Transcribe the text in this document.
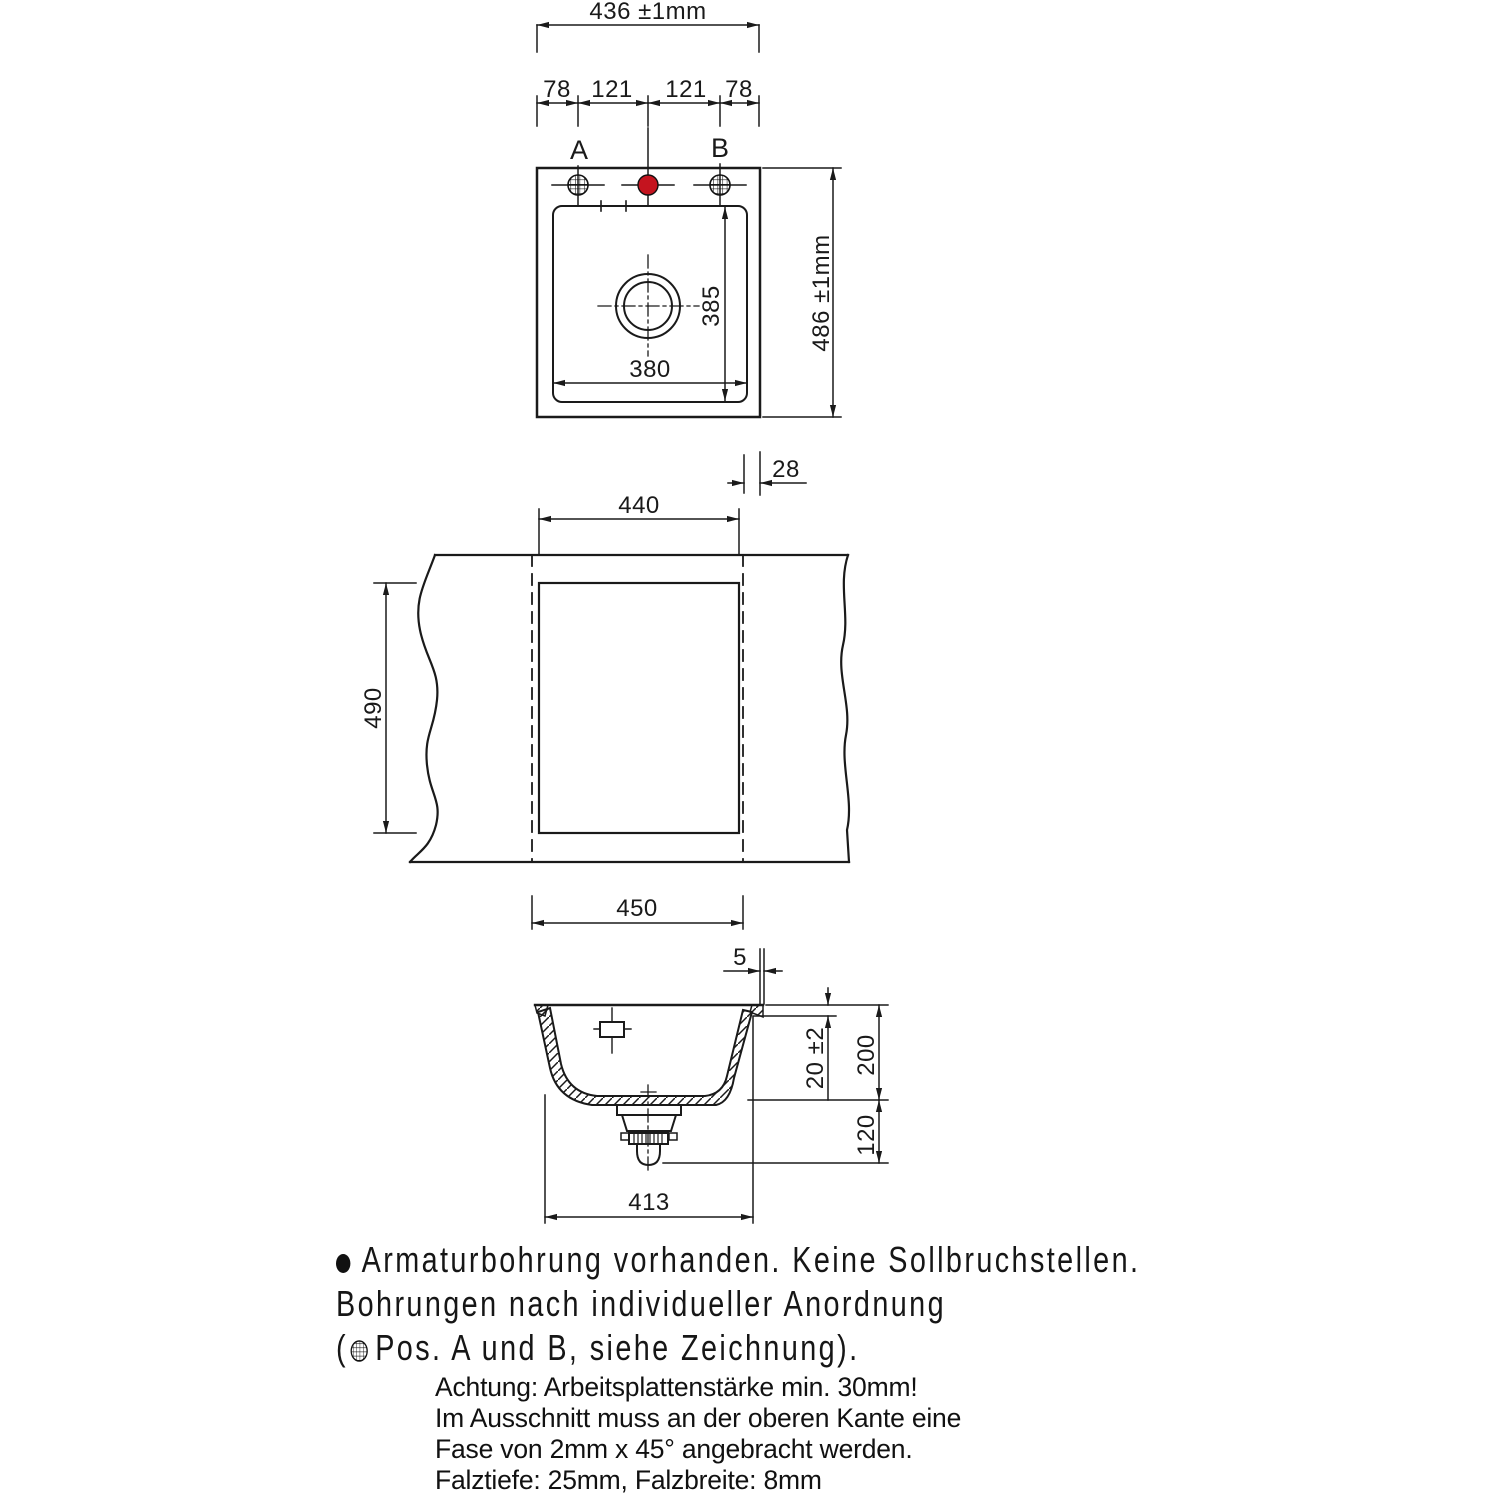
436 ±1mm
78 121 121 78
A	B
380
385	486 ±1mm
28
440
490
450
5
20 ±2 200
120
413
Armaturbohrung vorhanden. Keine Sollbruchstellen.
Bohrungen nach individueller Anordnung
( Pos. A und B, siehe Zeichnung).
Achtung: Arbeitsplattenstärke min. 30mm!
Im Ausschnitt muss an der oberen Kante eine
Fase von 2mm x 45° angebracht werden.
Falztiefe: 25mm, Falzbreite: 8mm
